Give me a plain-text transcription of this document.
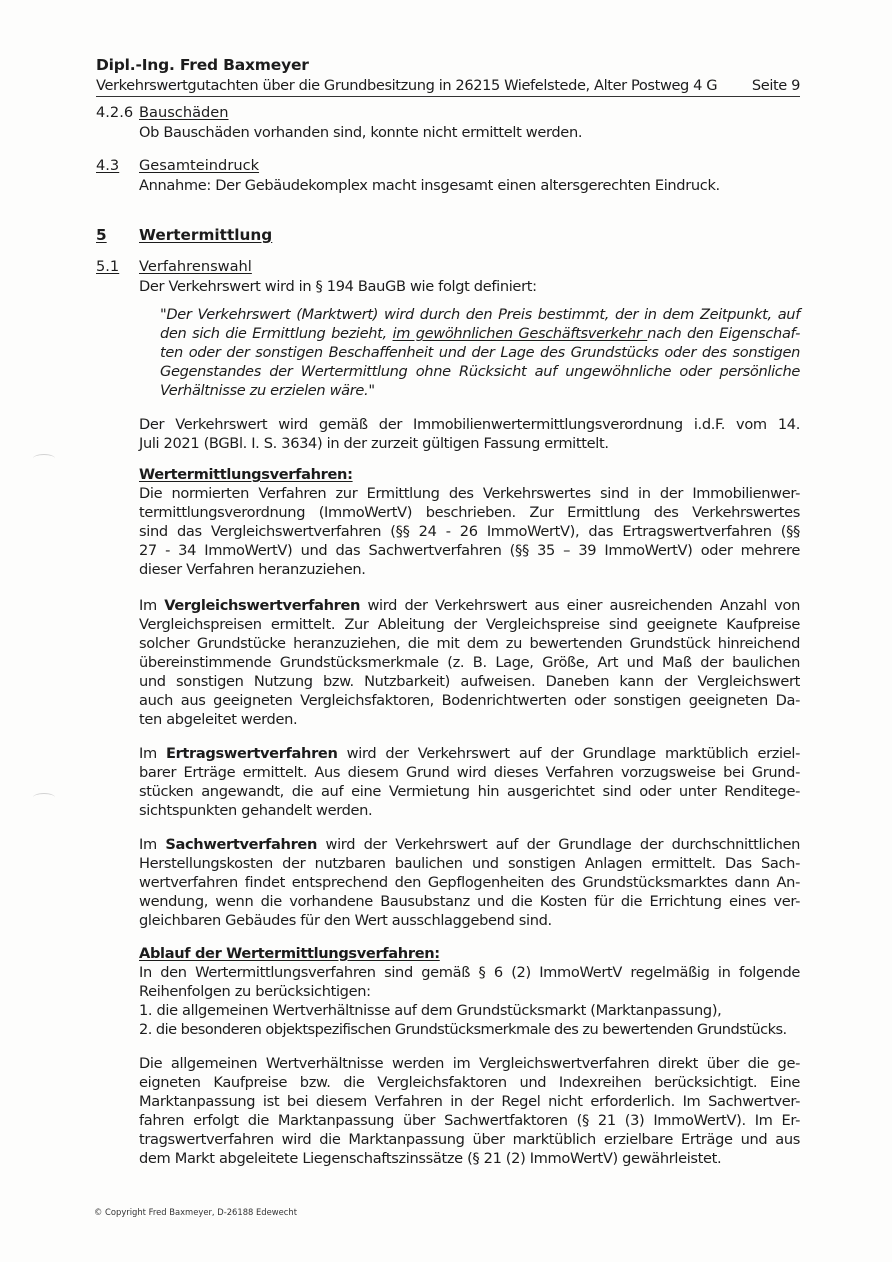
Dipl.-Ing. Fred Baxmeyer
Verkehrswertgutachten über die Grundbesitzung in 26215 Wiefelstede, Alter Postweg 4 G Seite 9
4.2.6 Bauschäden
Ob Bauschäden vorhanden sind, konnte nicht ermittelt werden.
4.3 Gesamteindruck
Annahme: Der Gebäudekomplex macht insgesamt einen altersgerechten Eindruck.
5 Wertermittlung
5.1 Verfahrenswahl
Der Verkehrswert wird in § 194 BauGB wie folgt definiert:
"Der Verkehrswert (Marktwert) wird durch den Preis bestimmt, der in dem Zeitpunkt, auf
den sich die Ermittlung bezieht, im gewöhnlichen Geschäftsverkehr nach den Eigenschaf-
ten oder der sonstigen Beschaffenheit und der Lage des Grundstücks oder des sonstigen
Gegenstandes der Wertermittlung ohne Rücksicht auf ungewöhnliche oder persönliche
Verhältnisse zu erzielen wäre."
Der Verkehrswert wird gemäß der Immobilienwertermittlungsverordnung i.d.F. vom 14.
Juli 2021 (BGBl. I. S. 3634) in der zurzeit gültigen Fassung ermittelt.
Wertermittlungsverfahren:
Die normierten Verfahren zur Ermittlung des Verkehrswertes sind in der Immobilienwer-
termittlungsverordnung (ImmoWertV) beschrieben. Zur Ermittlung des Verkehrswertes
sind das Vergleichswertverfahren (§§ 24 - 26 ImmoWertV), das Ertragswertverfahren (§§
27 - 34 ImmoWertV) und das Sachwertverfahren (§§ 35 – 39 ImmoWertV) oder mehrere
dieser Verfahren heranzuziehen.
Im Vergleichswertverfahren wird der Verkehrswert aus einer ausreichenden Anzahl von
Vergleichspreisen ermittelt. Zur Ableitung der Vergleichspreise sind geeignete Kaufpreise
solcher Grundstücke heranzuziehen, die mit dem zu bewertenden Grundstück hinreichend
übereinstimmende Grundstücksmerkmale (z. B. Lage, Größe, Art und Maß der baulichen
und sonstigen Nutzung bzw. Nutzbarkeit) aufweisen. Daneben kann der Vergleichswert
auch aus geeigneten Vergleichsfaktoren, Bodenrichtwerten oder sonstigen geeigneten Da-
ten abgeleitet werden.
Im Ertragswertverfahren wird der Verkehrswert auf der Grundlage marktüblich erziel-
barer Erträge ermittelt. Aus diesem Grund wird dieses Verfahren vorzugsweise bei Grund-
stücken angewandt, die auf eine Vermietung hin ausgerichtet sind oder unter Renditege-
sichtspunkten gehandelt werden.
Im Sachwertverfahren wird der Verkehrswert auf der Grundlage der durchschnittlichen
Herstellungskosten der nutzbaren baulichen und sonstigen Anlagen ermittelt. Das Sach-
wertverfahren findet entsprechend den Gepflogenheiten des Grundstücksmarktes dann An-
wendung, wenn die vorhandene Bausubstanz und die Kosten für die Errichtung eines ver-
gleichbaren Gebäudes für den Wert ausschlaggebend sind.
Ablauf der Wertermittlungsverfahren:
In den Wertermittlungsverfahren sind gemäß § 6 (2) ImmoWertV regelmäßig in folgende
Reihenfolgen zu berücksichtigen:
1. die allgemeinen Wertverhältnisse auf dem Grundstücksmarkt (Marktanpassung),
2. die besonderen objektspezifischen Grundstücksmerkmale des zu bewertenden Grundstücks.
Die allgemeinen Wertverhältnisse werden im Vergleichswertverfahren direkt über die ge-
eigneten Kaufpreise bzw. die Vergleichsfaktoren und Indexreihen berücksichtigt. Eine
Marktanpassung ist bei diesem Verfahren in der Regel nicht erforderlich. Im Sachwertver-
fahren erfolgt die Marktanpassung über Sachwertfaktoren (§ 21 (3) ImmoWertV). Im Er-
tragswertverfahren wird die Marktanpassung über marktüblich erzielbare Erträge und aus
dem Markt abgeleitete Liegenschaftszinssätze (§ 21 (2) ImmoWertV) gewährleistet.
© Copyright Fred Baxmeyer, D-26188 Edewecht
